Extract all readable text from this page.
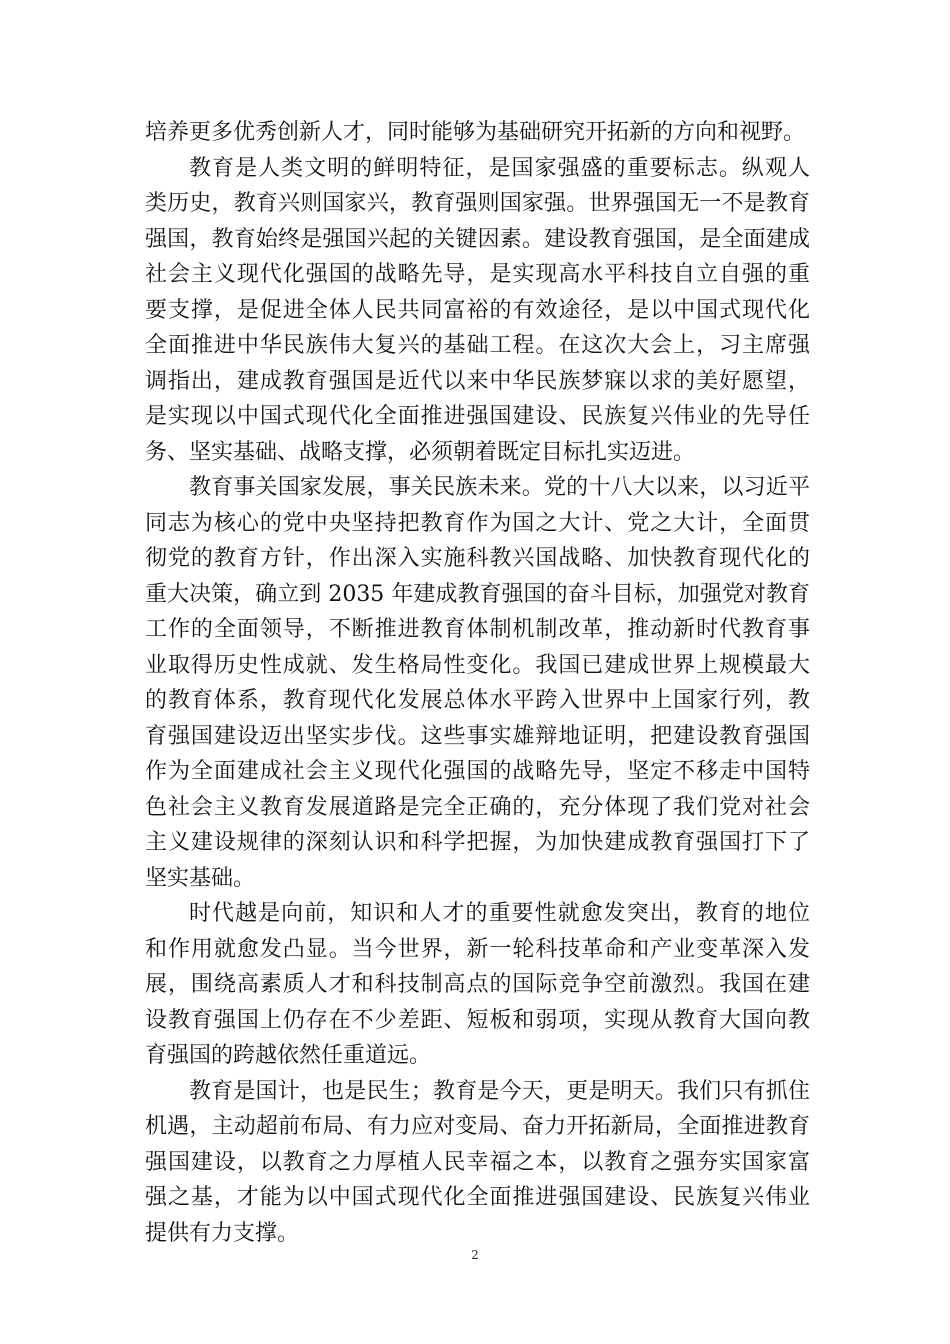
培养更多优秀创新人才，同时能够为基础研究开拓新的方向和视野。
教育是人类文明的鲜明特征，是国家强盛的重要标志。纵观人
类历史，教育兴则国家兴，教育强则国家强。世界强国无一不是教育
强国，教育始终是强国兴起的关键因素。建设教育强国，是全面建成
社会主义现代化强国的战略先导，是实现高水平科技自立自强的重
要支撑，是促进全体人民共同富裕的有效途径，是以中国式现代化
全面推进中华民族伟大复兴的基础工程。在这次大会上，习主席强
调指出，建成教育强国是近代以来中华民族梦寐以求的美好愿望，
是实现以中国式现代化全面推进强国建设、民族复兴伟业的先导任
务、坚实基础、战略支撑，必须朝着既定目标扎实迈进。
教育事关国家发展，事关民族未来。党的十八大以来，以习近平
同志为核心的党中央坚持把教育作为国之大计、党之大计，全面贯
彻党的教育方针，作出深入实施科教兴国战略、加快教育现代化的
重大决策，确立到 2035 年建成教育强国的奋斗目标，加强党对教育
工作的全面领导，不断推进教育体制机制改革，推动新时代教育事
业取得历史性成就、发生格局性变化。我国已建成世界上规模最大
的教育体系，教育现代化发展总体水平跨入世界中上国家行列，教
育强国建设迈出坚实步伐。这些事实雄辩地证明，把建设教育强国
作为全面建成社会主义现代化强国的战略先导，坚定不移走中国特
色社会主义教育发展道路是完全正确的，充分体现了我们党对社会
主义建设规律的深刻认识和科学把握，为加快建成教育强国打下了
坚实基础。
时代越是向前，知识和人才的重要性就愈发突出，教育的地位
和作用就愈发凸显。当今世界，新一轮科技革命和产业变革深入发
展，围绕高素质人才和科技制高点的国际竞争空前激烈。我国在建
设教育强国上仍存在不少差距、短板和弱项，实现从教育大国向教
育强国的跨越依然任重道远。
教育是国计，也是民生；教育是今天，更是明天。我们只有抓住
机遇，主动超前布局、有力应对变局、奋力开拓新局，全面推进教育
强国建设，以教育之力厚植人民幸福之本，以教育之强夯实国家富
强之基，才能为以中国式现代化全面推进强国建设、民族复兴伟业
提供有力支撑。
2
